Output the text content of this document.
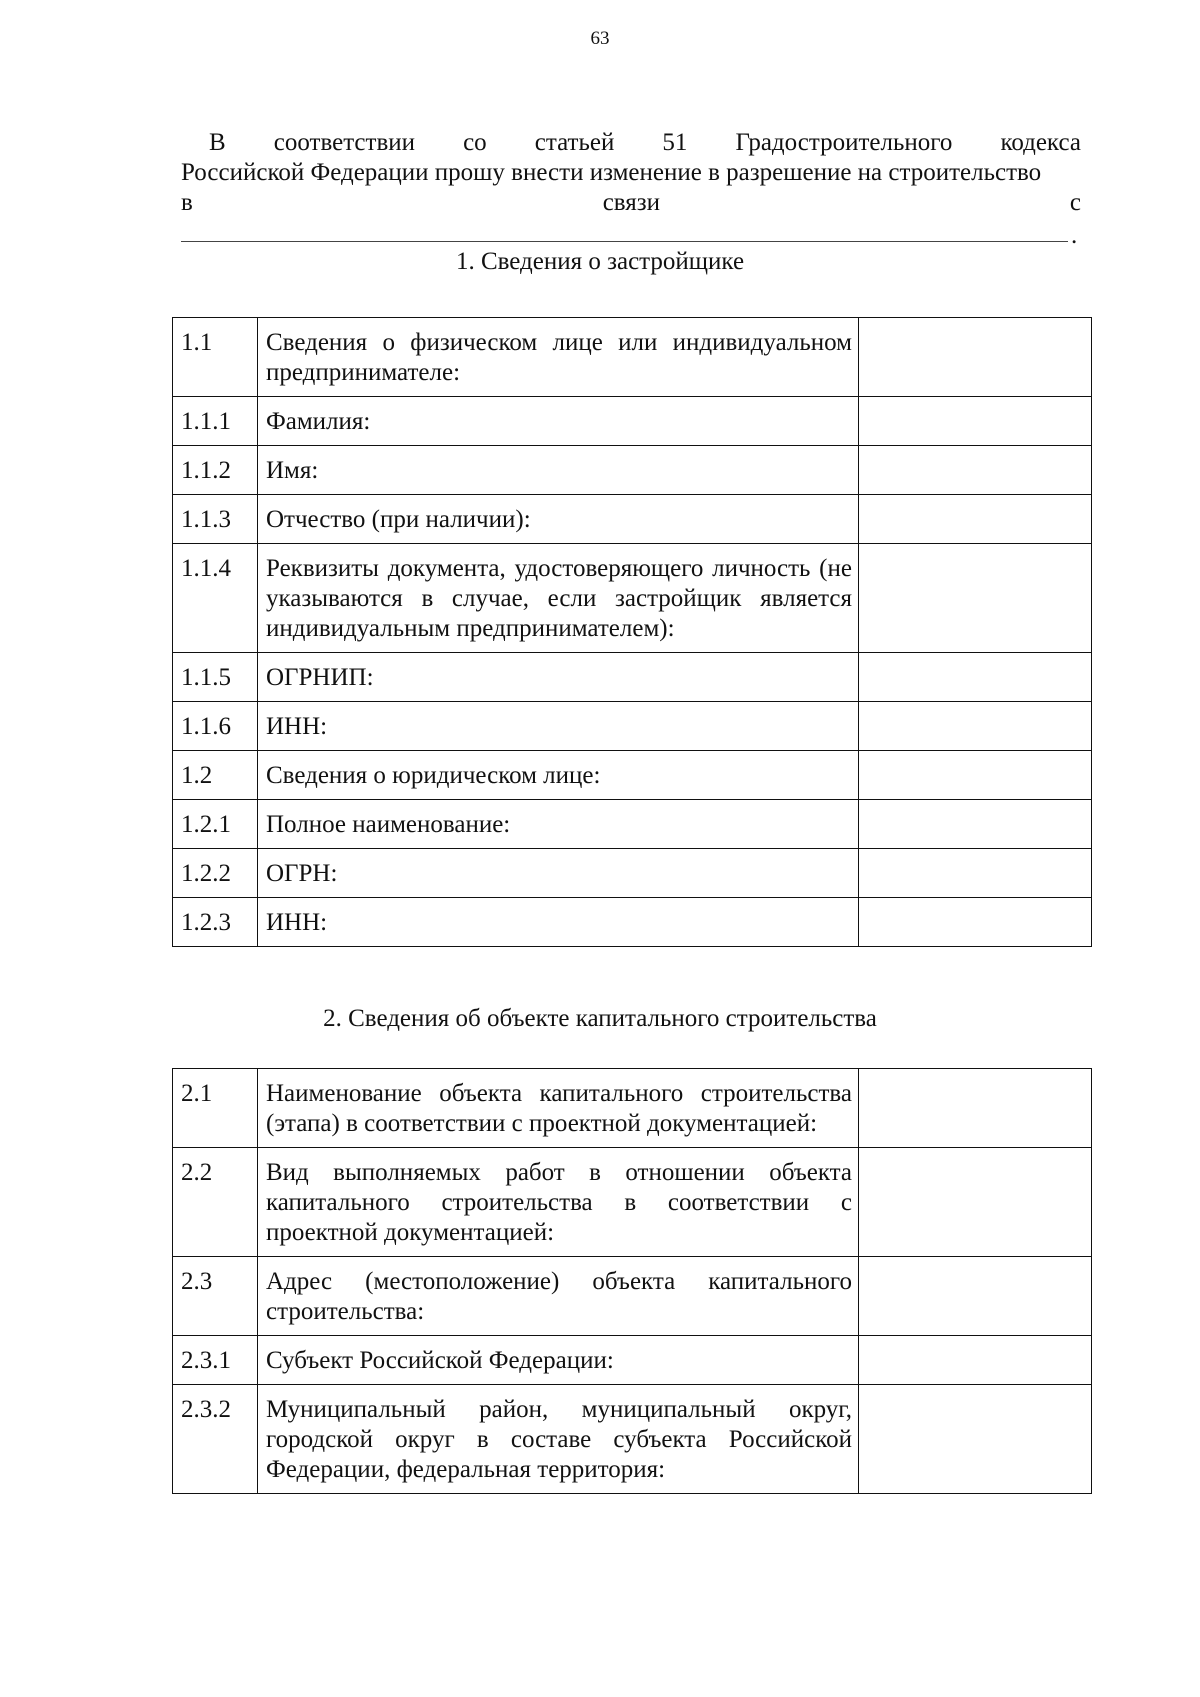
63
В соответствии со статьей 51 Градостроительного кодекса
Российской Федерации прошу внести изменение в разрешение на строительство
в	связи	с
.
1. Сведения о застройщике
1.1	Сведения о физическом лице или индивидуальном предпринимателе:	
1.1.1	Фамилия:	
1.1.2	Имя:	
1.1.3	Отчество (при наличии):	
1.1.4	Реквизиты документа, удостоверяющего личность (не указываются в случае, если застройщик является индивидуальным предпринимателем):	
1.1.5	ОГРНИП:	
1.1.6	ИНН:	
1.2	Сведения о юридическом лице:	
1.2.1	Полное наименование:	
1.2.2	ОГРН:	
1.2.3	ИНН:	
2. Сведения об объекте капитального строительства
2.1	Наименование объекта капитального строительства (этапа) в соответствии с проектной документацией:	
2.2	Вид выполняемых работ в отношении объекта капитального строительства в соответствии с проектной документацией:	
2.3	Адрес (местоположение) объекта капитального строительства:	
2.3.1	Субъект Российской Федерации:	
2.3.2	Муниципальный район, муниципальный округ, городской округ в составе субъекта Российской Федерации, федеральная территория:	
